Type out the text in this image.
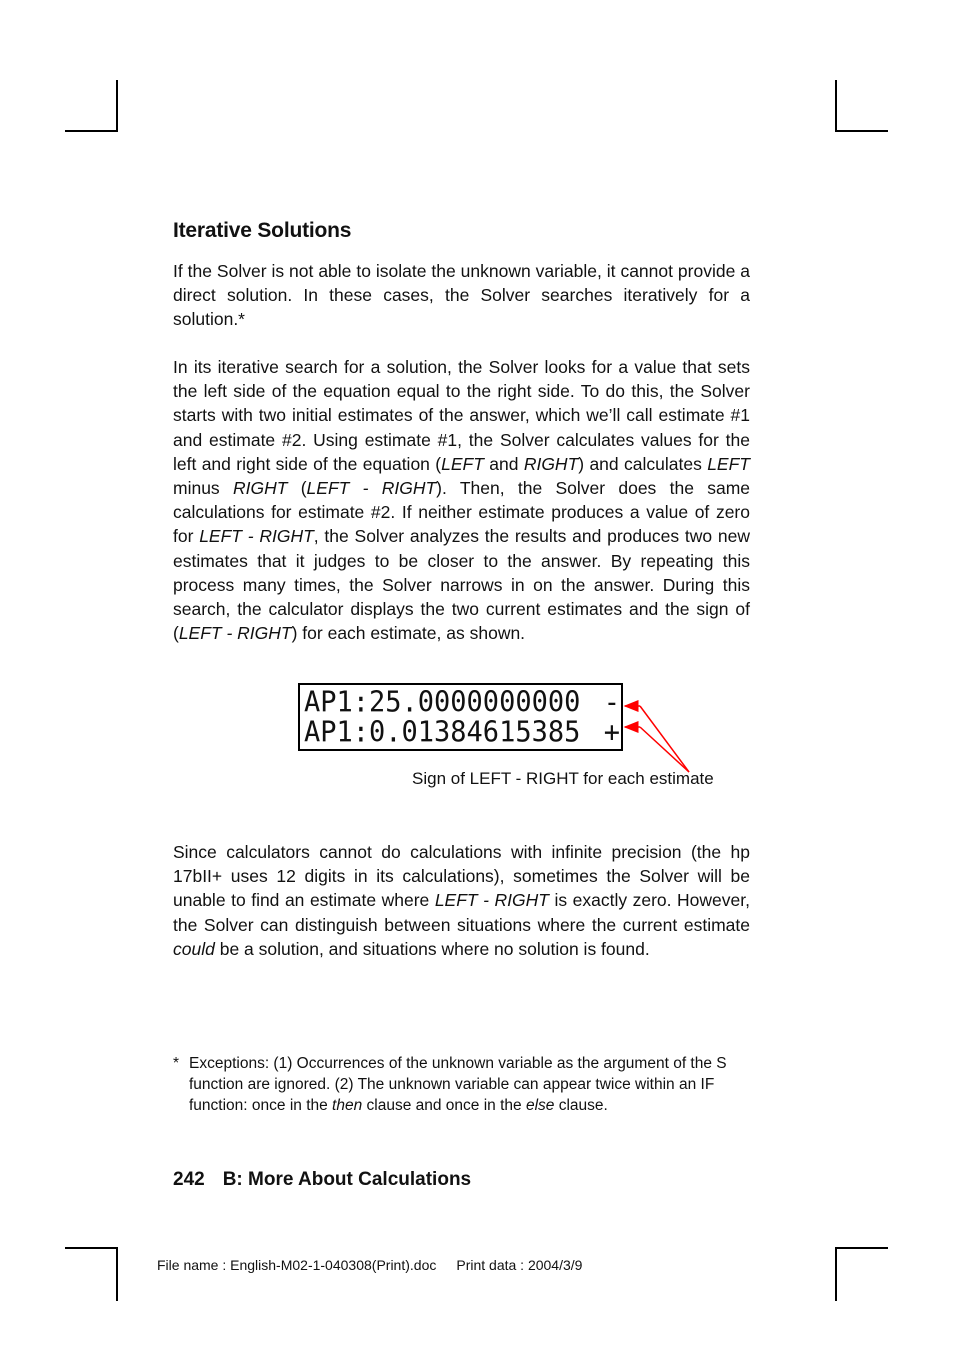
Iterative Solutions

If the Solver is not able to isolate the unknown variable, it cannot provide a direct solution. In these cases, the Solver searches iteratively for a solution.*

In its iterative search for a solution, the Solver looks for a value that sets the left side of the equation equal to the right side. To do this, the Solver starts with two initial estimates of the answer, which we’ll call estimate #1 and estimate #2. Using estimate #1, the Solver calculates values for the left and right side of the equation (LEFT and RIGHT) and calculates LEFT minus RIGHT (LEFT - RIGHT). Then, the Solver does the same calculations for estimate #2. If neither estimate produces a value of zero for LEFT - RIGHT, the Solver analyzes the results and produces two new estimates that it judges to be closer to the answer. By repeating this process many times, the Solver narrows in on the answer. During this search, the calculator displays the two current estimates and the sign of (LEFT - RIGHT) for each estimate, as shown.

AP1:25.0000000000 -
AP1:0.01384615385 +
Sign of LEFT - RIGHT for each estimate

Since calculators cannot do calculations with infinite precision (the hp 17bII+ uses 12 digits in its calculations), sometimes the Solver will be unable to find an estimate where LEFT - RIGHT is exactly zero. However, the Solver can distinguish between situations where the current estimate could be a solution, and situations where no solution is found.

* Exceptions: (1) Occurrences of the unknown variable as the argument of the S function are ignored. (2) The unknown variable can appear twice within an IF function: once in the then clause and once in the else clause.
242 B: More About Calculations
File name : English-M02-1-040308(Print).doc Print data : 2004/3/9
